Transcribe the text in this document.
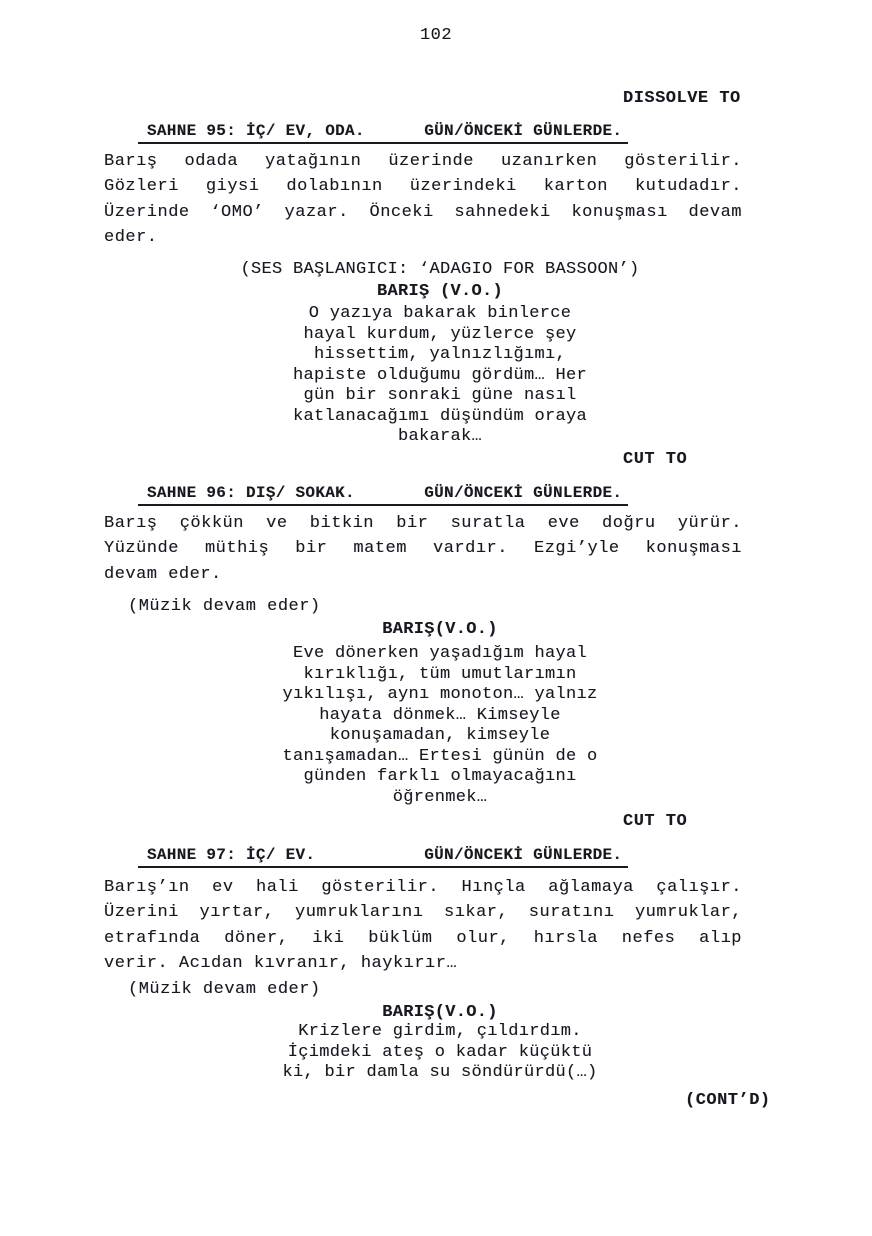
102
DISSOLVE TO
SAHNE 95: İÇ/ EV, ODA.      GÜN/ÖNCEKİ GÜNLERDE.
Barış odada yatağının üzerinde uzanırken gösterilir.
Gözleri giysi dolabının üzerindeki karton kutudadır.
Üzerinde ‘OMO’ yazar. Önceki sahnedeki konuşması devam
eder.
(SES BAŞLANGICI: ‘ADAGIO FOR BASSOON’)
BARIŞ (V.O.)
O yazıya bakarak binlerce
hayal kurdum, yüzlerce şey
hissettim, yalnızlığımı,
hapiste olduğumu gördüm… Her
gün bir sonraki güne nasıl
katlanacağımı düşündüm oraya
bakarak…
CUT TO
SAHNE 96: DIŞ/ SOKAK.       GÜN/ÖNCEKİ GÜNLERDE.
Barış çökkün ve bitkin bir suratla eve doğru yürür.
Yüzünde müthiş bir matem vardır. Ezgi’yle konuşması
devam eder.
(Müzik devam eder)
BARIŞ(V.O.)
Eve dönerken yaşadığım hayal
kırıklığı, tüm umutlarımın
yıkılışı, aynı monoton… yalnız
hayata dönmek… Kimseyle
konuşamadan, kimseyle
tanışamadan… Ertesi günün de o
günden farklı olmayacağını
öğrenmek…
CUT TO
SAHNE 97: İÇ/ EV.           GÜN/ÖNCEKİ GÜNLERDE.
Barış’ın ev hali gösterilir. Hınçla ağlamaya çalışır.
Üzerini yırtar, yumruklarını sıkar, suratını yumruklar,
etrafında döner, iki büklüm olur, hırsla nefes alıp
verir. Acıdan kıvranır, haykırır…
(Müzik devam eder)
BARIŞ(V.O.)
Krizlere girdim, çıldırdım.
İçimdeki ateş o kadar küçüktü
ki, bir damla su söndürürdü(…)
(CONT’D)
